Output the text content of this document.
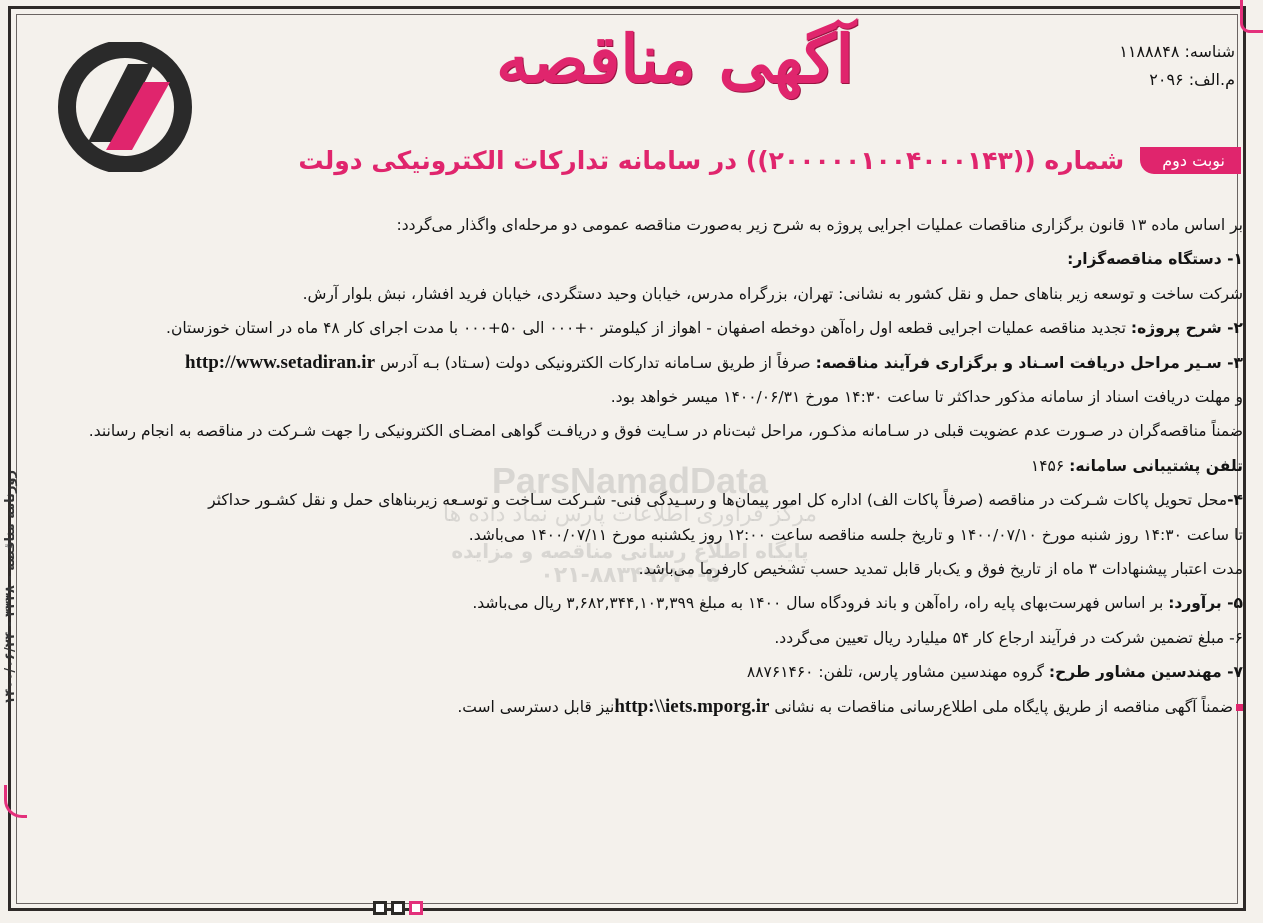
روزنامه مناقصه - ۳۳۳۸ - ۱۴۰۰/۰۶/۲۴
آگهی مناقصه	شناسه: ۱۱۸۸۸۴۸
م.الف: ۲۰۹۶
نوبت دوم
شماره ((۲۰۰۰۰۰۱۰۰۴۰۰۰۱۴۳)) در سامانه تدارکات الکترونیکی دولت
ParsNamadData
مرکز فرآوری اطلاعات پارس نماد داده ها
پایگاه اطلاع رسانی مناقصه و مزایده
۰۲۱-۸۸۳۴۹۶۷۰-۵

بر اساس ماده ۱۳ قانون برگزاری مناقصات عملیات اجرایی پروژه به شرح زیر به‌صورت مناقصه عمومی دو مرحله‌ای واگذار می‌گردد:

۱- دستگاه مناقصه‌گزار:

شرکت ساخت و توسعه زیر بناهای حمل و نقل کشور به نشانی: تهران، بزرگراه مدرس، خیابان وحید دستگردی، خیابان فرید افشار، نبش بلوار آرش.

۲- شرح پروژه: تجدید مناقصه عملیات اجرایی قطعه اول راه‌آهن دوخطه اصفهان - اهواز از کیلومتر ۰+۰۰۰ الی ۵۰+۰۰۰ با مدت اجرای کار ۴۸ ماه در استان خوزستان.

۳- سـیر مراحل دریافت اسـناد و برگزاری فرآیند مناقصه: صرفاً از طریق سـامانه تدارکات الکترونیکی دولت (سـتاد) بـه آدرس http://www.setadiran.ir

و مهلت دریافت اسناد از سامانه مذکور حداکثر تا ساعت ۱۴:۳۰ مورخ ۱۴۰۰/۰۶/۳۱ میسر خواهد بود.

ضمناً مناقصه‌گران در صـورت عدم عضویت قبلی در سـامانه مذکـور، مراحل ثبت‌نام در سـایت فوق و دریافـت گواهی امضـای الکترونیکی را جهت شـرکت در مناقصه به انجام رسانند.

تلفن پشتیبانی سامانه: ۱۴۵۶

۴-محل تحویل پاکات شـرکت در مناقصه (صرفاً پاکات الف) اداره کل امور پیمان‌ها و رسـیدگی فنی- شـرکت سـاخت و توسـعه زیربناهای حمل و نقل کشـور حداکثر

تا ساعت ۱۴:۳۰ روز شنبه مورخ ۱۴۰۰/۰۷/۱۰ و تاریخ جلسه مناقصه ساعت ۱۲:۰۰ روز یکشنبه مورخ ۱۴۰۰/۰۷/۱۱ می‌باشد.

مدت اعتبار پیشنهادات ۳ ماه از تاریخ فوق و یک‌بار قابل تمدید حسب تشخیص کارفرما می‌باشد.

۵- برآورد: بر اساس فهرست‌بهای پایه راه، راه‌آهن و باند فرودگاه سال ۱۴۰۰ به مبلغ ۳,۶۸۲,۳۴۴,۱۰۳,۳۹۹ ریال می‌باشد.

۶- مبلغ تضمین شرکت در فرآیند ارجاع کار ۵۴ میلیارد ریال تعیین می‌گردد.

۷- مهندسین مشاور طرح: گروه مهندسین مشاور پارس، تلفن: ۸۸۷۶۱۴۶۰

ضمناً آگهی مناقصه از طریق پایگاه ملی اطلاع‌رسانی مناقصات به نشانی http:\\iets.mporg.irنیز قابل دسترسی است.
